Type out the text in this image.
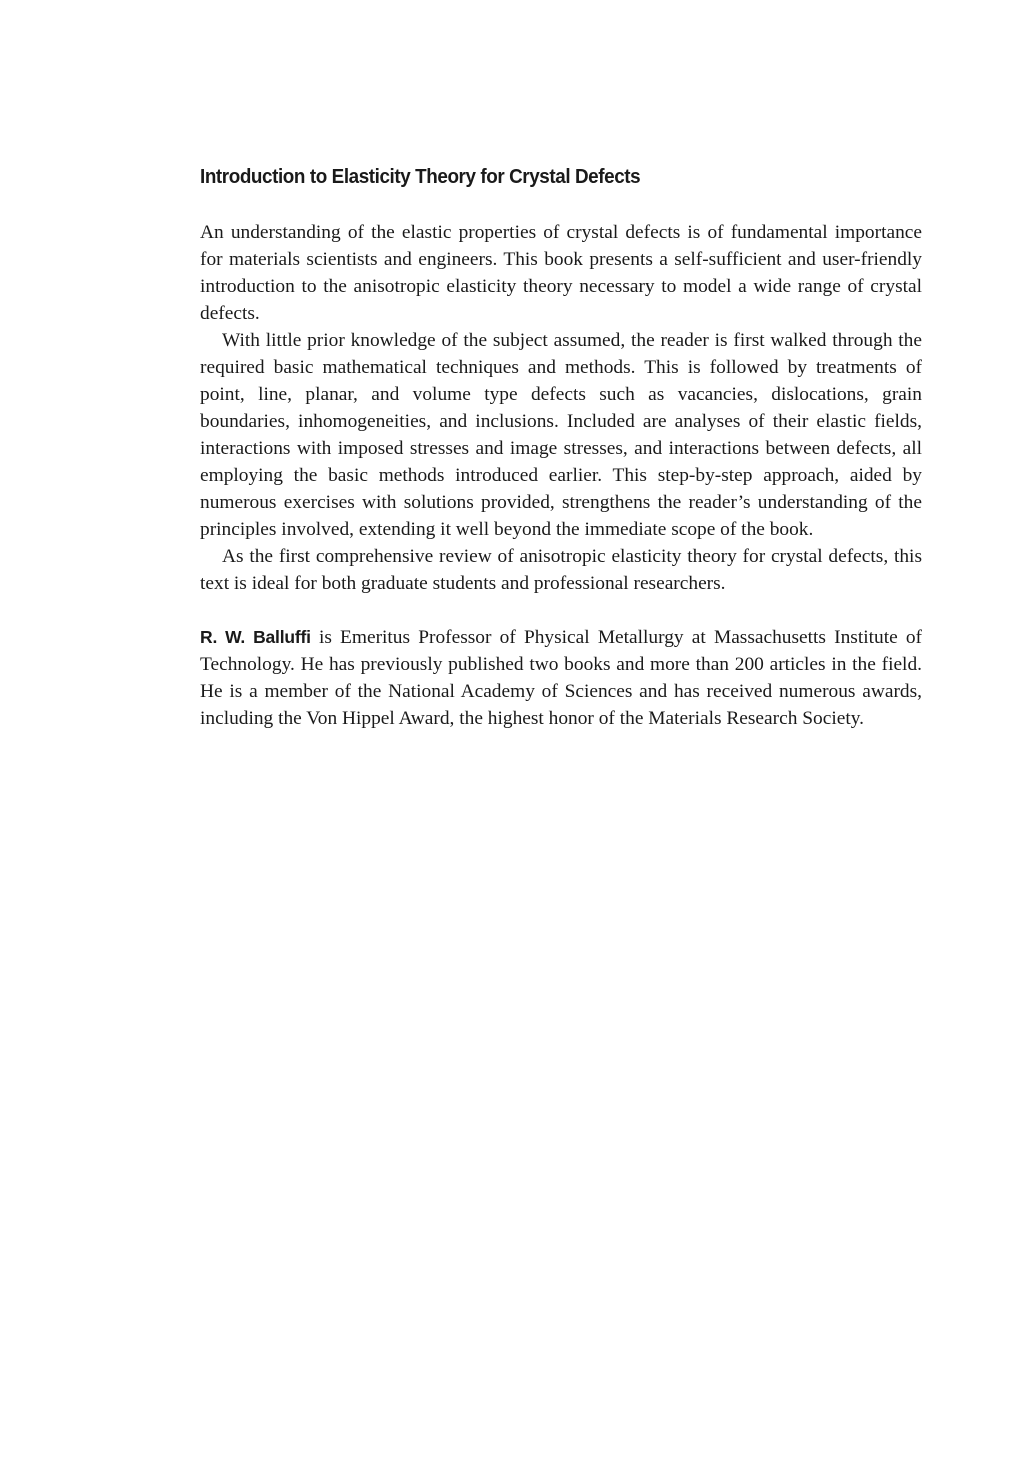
Introduction to Elasticity Theory for Crystal Defects

An understanding of the elastic properties of crystal defects is of fundamental importance for materials scientists and engineers. This book presents a self-sufficient and user-friendly introduction to the anisotropic elasticity theory necessary to model a wide range of crystal defects.

With little prior knowledge of the subject assumed, the reader is first walked through the required basic mathematical techniques and methods. This is followed by treatments of point, line, planar, and volume type defects such as vacancies, dislocations, grain boundaries, inhomogeneities, and inclusions. Included are analyses of their elastic fields, interactions with imposed stresses and image stresses, and interactions between defects, all employing the basic methods introduced earlier. This step-by-step approach, aided by numerous exercises with solutions provided, strengthens the reader’s understanding of the principles involved, extending it well beyond the immediate scope of the book.

As the first comprehensive review of anisotropic elasticity theory for crystal defects, this text is ideal for both graduate students and professional researchers.

R. W. Balluffi is Emeritus Professor of Physical Metallurgy at Massachusetts Institute of Technology. He has previously published two books and more than 200 articles in the field. He is a member of the National Academy of Sciences and has received numerous awards, including the Von Hippel Award, the highest honor of the Materials Research Society.
